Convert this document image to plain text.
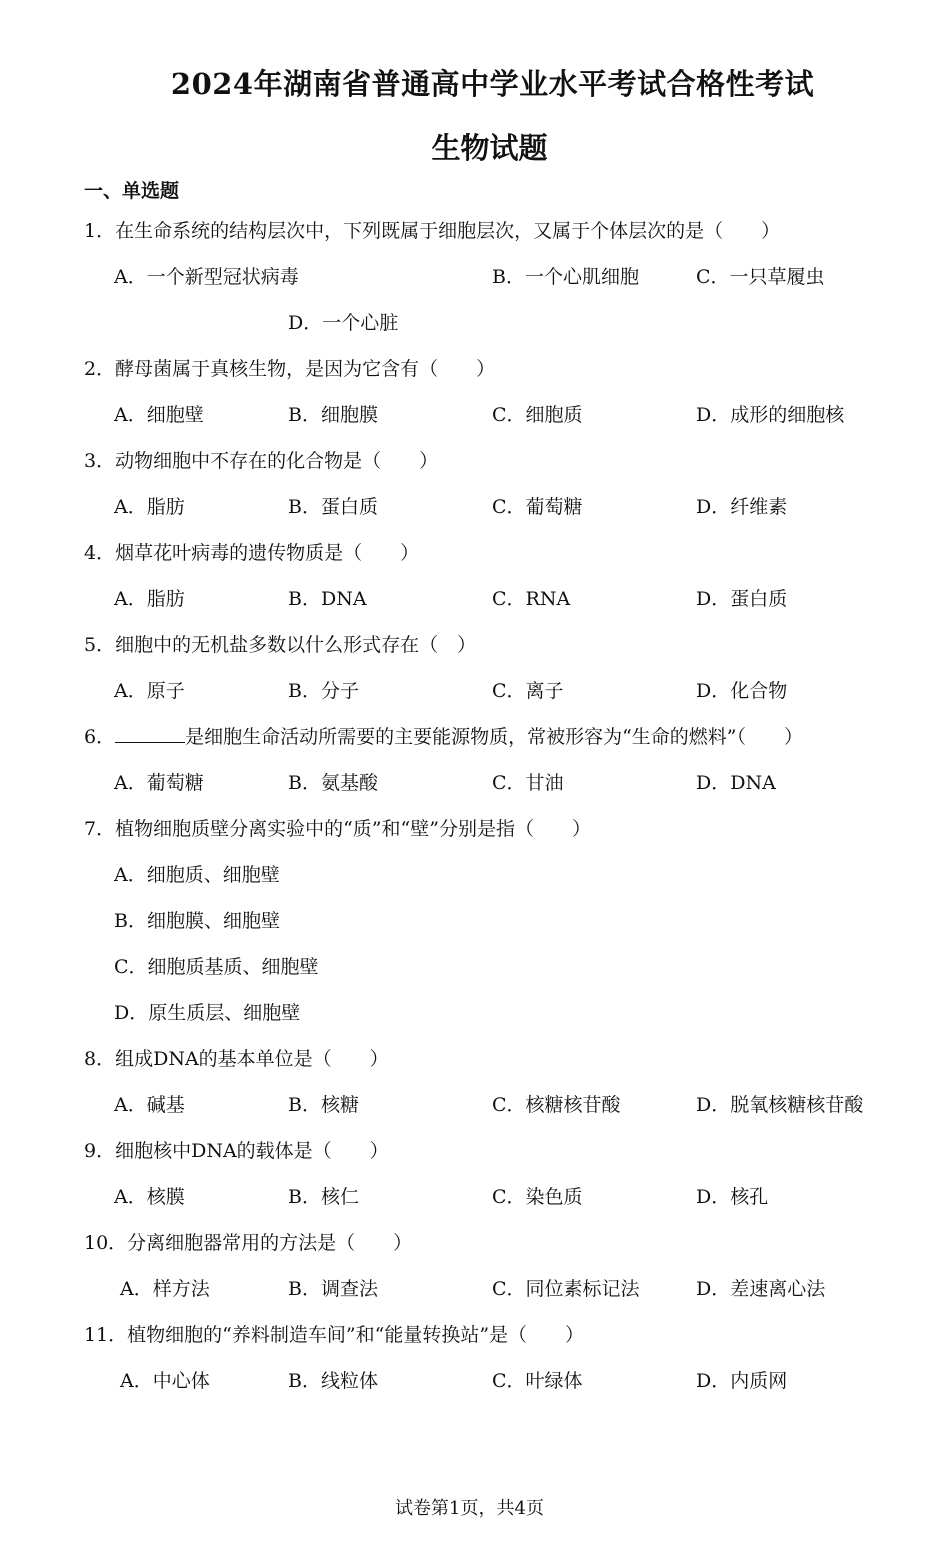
2024年湖南省普通高中学业水平考试合格性考试
生物试题
一、单选题
1．在生命系统的结构层次中，下列既属于细胞层次，又属于个体层次的是（　　）
A．一个新型冠状病毒	B．一个心肌细胞	C．一只草履虫
D．一个心脏
2．酵母菌属于真核生物，是因为它含有（　　）
A．细胞壁	B．细胞膜	C．细胞质	D．成形的细胞核
3．动物细胞中不存在的化合物是（　　）
A．脂肪	B．蛋白质	C．葡萄糖	D．纤维素
4．烟草花叶病毒的遗传物质是（　　）
A．脂肪	B．DNA	C．RNA	D．蛋白质
5．细胞中的无机盐多数以什么形式存在（　）
A．原子	B．分子	C．离子	D．化合物
6．	是细胞生命活动所需要的主要能源物质，常被形容为“生命的燃料”（　　）
A．葡萄糖	B．氨基酸	C．甘油	D．DNA
7．植物细胞质壁分离实验中的“质”和“壁”分别是指（　　）
A．细胞质、细胞壁
B．细胞膜、细胞壁
C．细胞质基质、细胞壁
D．原生质层、细胞壁
8．组成DNA的基本单位是（　　）
A．碱基	B．核糖	C．核糖核苷酸	D．脱氧核糖核苷酸
9．细胞核中DNA的载体是（　　）
A．核膜	B．核仁	C．染色质	D．核孔
10．分离细胞器常用的方法是（　　）
A．样方法	B．调查法	C．同位素标记法	D．差速离心法
11．植物细胞的“养料制造车间”和“能量转换站”是（　　）
A．中心体	B．线粒体	C．叶绿体	D．内质网
试卷第1页，共4页
